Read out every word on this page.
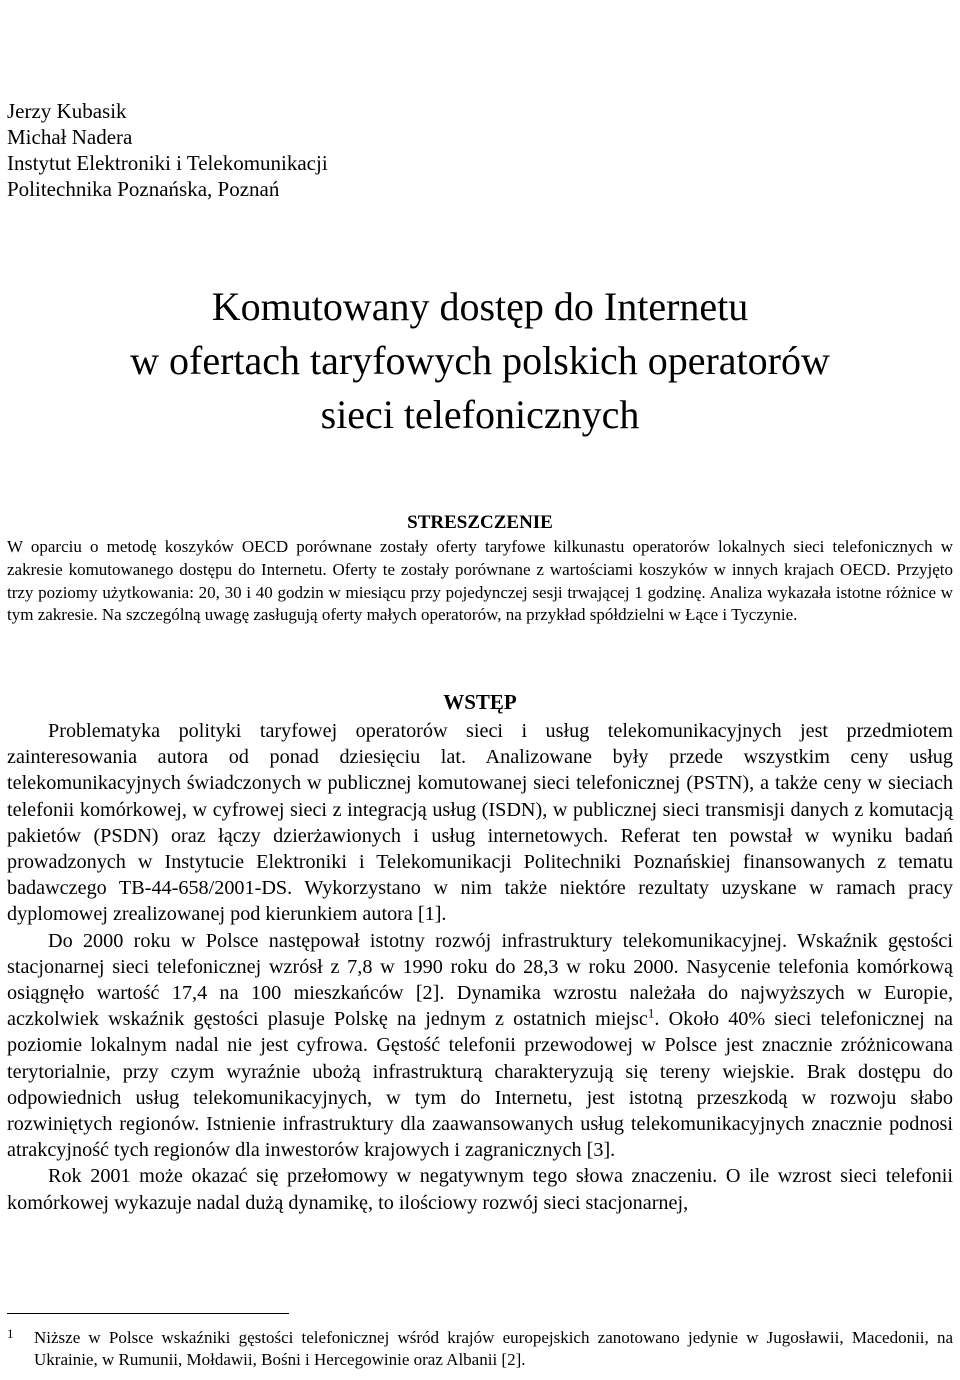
Jerzy Kubasik
Michał Nadera
Instytut Elektroniki i Telekomunikacji
Politechnika Poznańska, Poznań
Komutowany dostęp do Internetu
w ofertach taryfowych polskich operatorów
sieci telefonicznych
STRESZCZENIE
W oparciu o metodę koszyków OECD porównane zostały oferty taryfowe kilkunastu operatorów lokalnych sieci telefonicznych w zakresie komutowanego dostępu do Internetu. Oferty te zostały porównane z wartościami koszyków w innych krajach OECD. Przyjęto trzy poziomy użytkowania: 20, 30 i 40 godzin w miesiącu przy pojedynczej sesji trwającej 1 godzinę. Analiza wykazała istotne różnice w tym zakresie. Na szczególną uwagę zasługują oferty małych operatorów, na przykład spółdzielni w Łące i Tyczynie.
WSTĘP

Problematyka polityki taryfowej operatorów sieci i usług telekomunikacyjnych jest przedmiotem zainteresowania autora od ponad dziesięciu lat. Analizowane były przede wszystkim ceny usług telekomunikacyjnych świadczonych w publicznej komutowanej sieci telefonicznej (PSTN), a także ceny w sieciach telefonii komórkowej, w cyfrowej sieci z integracją usług (ISDN), w publicznej sieci transmisji danych z komutacją pakietów (PSDN) oraz łączy dzierżawionych i usług internetowych. Referat ten powstał w wyniku badań prowadzonych w Instytucie Elektroniki i Telekomunikacji Politechniki Poznańskiej finansowanych z tematu badawczego TB-44-658/2001-DS. Wykorzystano w nim także niektóre rezultaty uzyskane w ramach pracy dyplomowej zrealizowanej pod kierunkiem autora [1].

Do 2000 roku w Polsce następował istotny rozwój infrastruktury telekomunikacyjnej. Wskaźnik gęstości stacjonarnej sieci telefonicznej wzrósł z 7,8 w 1990 roku do 28,3 w roku 2000. Nasycenie telefonia komórkową osiągnęło wartość 17,4 na 100 mieszkańców [2]. Dynamika wzrostu należała do najwyższych w Europie, aczkolwiek wskaźnik gęstości plasuje Polskę na jednym z ostatnich miejsc$^1$. Około 40% sieci telefonicznej na poziomie lokalnym nadal nie jest cyfrowa. Gęstość telefonii przewodowej w Polsce jest znacznie zróżnicowana terytorialnie, przy czym wyraźnie ubożą infrastrukturą charakteryzują się tereny wiejskie. Brak dostępu do odpowiednich usług telekomunikacyjnych, w tym do Internetu, jest istotną przeszkodą w rozwoju słabo rozwiniętych regionów. Istnienie infrastruktury dla zaawansowanych usług telekomunikacyjnych znacznie podnosi atrakcyjność tych regionów dla inwestorów krajowych i zagranicznych [3].

Rok 2001 może okazać się przełomowy w negatywnym tego słowa znaczeniu. O ile wzrost sieci telefonii komórkowej wykazuje nadal dużą dynamikę, to ilościowy rozwój sieci stacjonarnej,

1 Niższe w Polsce wskaźniki gęstości telefonicznej wśród krajów europejskich zanotowano jedynie w Jugosławii, Macedonii, na Ukrainie, w Rumunii, Mołdawii, Bośni i Hercegowinie oraz Albanii [2].
